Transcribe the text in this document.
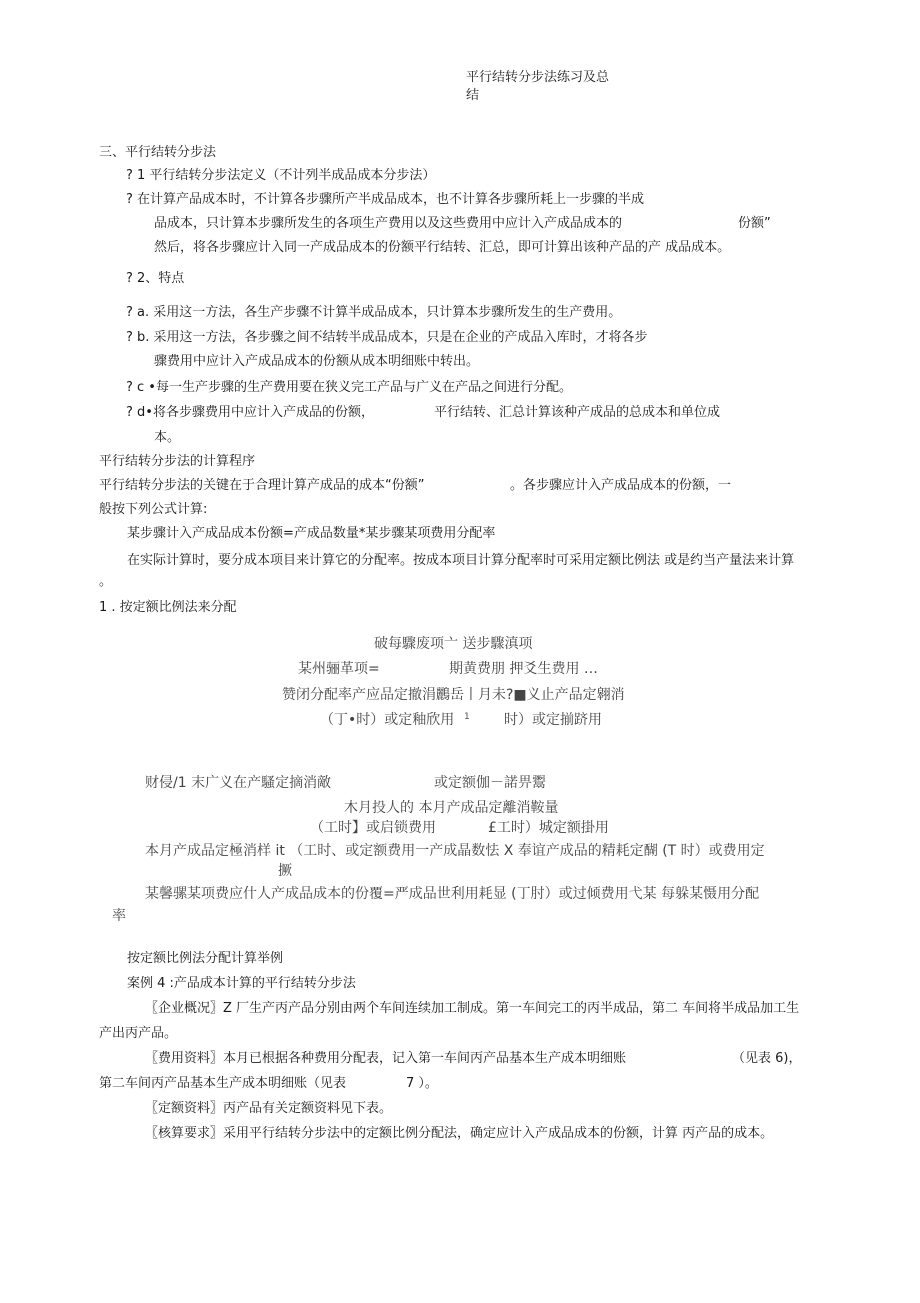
平行结转分步法练习及总
结
三、平行结转分步法
? 1 平行结转分步法定义（不计列半成品成本分步法）
? 在计算产品成本时，不计算各步骤所产半成品成本，也不计算各步骤所耗上一步骤的半成
品成本，只计算本步骤所发生的各项生产费用以及这些费用中应计入产成品成本的	份额”
然后，将各步骤应计入同一产成品成本的份额平行结转、汇总，即可计算出该种产品的产 成品成本。
? 2、特点
? a. 采用这一方法，各生产步骤不计算半成品成本，只计算本步骤所发生的生产费用。
? b. 采用这一方法，各步骤之间不结转半成品成本，只是在企业的产成品入库时，才将各步
骤费用中应计入产成品成本的份额从成本明细账中转出。
? c •每一生产步骤的生产费用要在狭义完工产品与广义在产品之间进行分配。
? d•将各步骤费用中应计入产成品的份额，	平行结转、汇总计算该种产成品的总成本和单位成
本。
平行结转分步法的计算程序
平行结转分步法的关键在于合理计算产成品的成本“份额”	。各步骤应计入产成品成本的份额，一
般按下列公式计算:
某步骤计入产成品成本份额=产成品数量*某步骤某项费用分配率
在实际计算时，要分成本项目来计算它的分配率。按成本项目计算分配率时可采用定额比例法 或是约当产量法来计算
。
1 . 按定额比例法来分配
破每驟废项亠 送步驟滇项
某州骊革项=	期黄费朋 押爻生费用 …
赞闭分配率产应品定撤涓鸝岳丨月未?■义止产品定翱消
（丁•时）或定釉欣用 1 时）或定揃跻用
财侵/1 末广义在产騷定摘消敵	或定额伽－諾畀鬻
木月投人的 本月产成品定離消鞍量
（工时】或启锁费用	£工时）城定额掛用
本月产成品定極消样 it （工时、或定额费用一产成晶数怯 X 奉谊产成品的精耗定醐 (T 时）或费用定
撅
某馨骡某项费应什人产成品成本的份覆=严成品世利用耗显 (丁肘）或过倾费用弋某 每躲某慑用分配
率
按定额比例法分配计算举例
案例 4 :产品成本计算的平行结转分步法
〖企业概况〗Z 厂生产丙产品分别由两个车间连续加工制成。第一车间完工的丙半成品，第二 车间将半成品加工生
产出丙产品。
〖费用资料〗本月已根据各种费用分配表，记入第一车间丙产品基本生产成本明细账	（见表 6)，
第二车间丙产品基本生产成本明细账（见表	7 ）。
〖定额资料〗丙产品有关定额资料见下表。
〖核算要求〗采用平行结转分步法中的定额比例分配法，确定应计入产成品成本的份额，计算 丙产品的成本。
